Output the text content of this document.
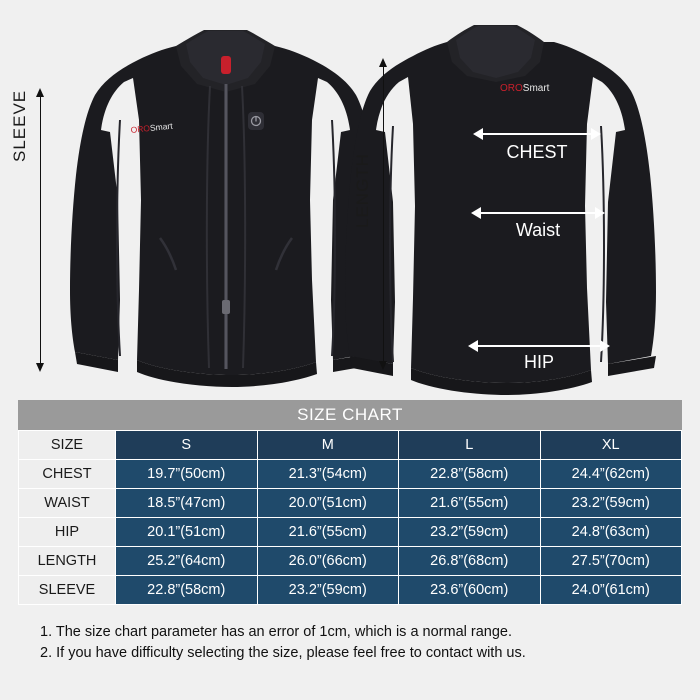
OROSmart
OROSmart
SLEEVE
LENGTH
CHEST
Waist
HIP
SIZE CHART
SIZE	S	M	L	XL
CHEST	19.7”(50cm)	21.3”(54cm)	22.8”(58cm)	24.4”(62cm)
WAIST	18.5”(47cm)	20.0”(51cm)	21.6”(55cm)	23.2”(59cm)
HIP	20.1”(51cm)	21.6”(55cm)	23.2”(59cm)	24.8”(63cm)
LENGTH	25.2”(64cm)	26.0”(66cm)	26.8”(68cm)	27.5”(70cm)
SLEEVE	22.8”(58cm)	23.2”(59cm)	23.6”(60cm)	24.0”(61cm)
1. The size chart parameter has an error of 1cm, which is a normal range.
2. If you have difficulty selecting the size, please feel free to contact with us.
